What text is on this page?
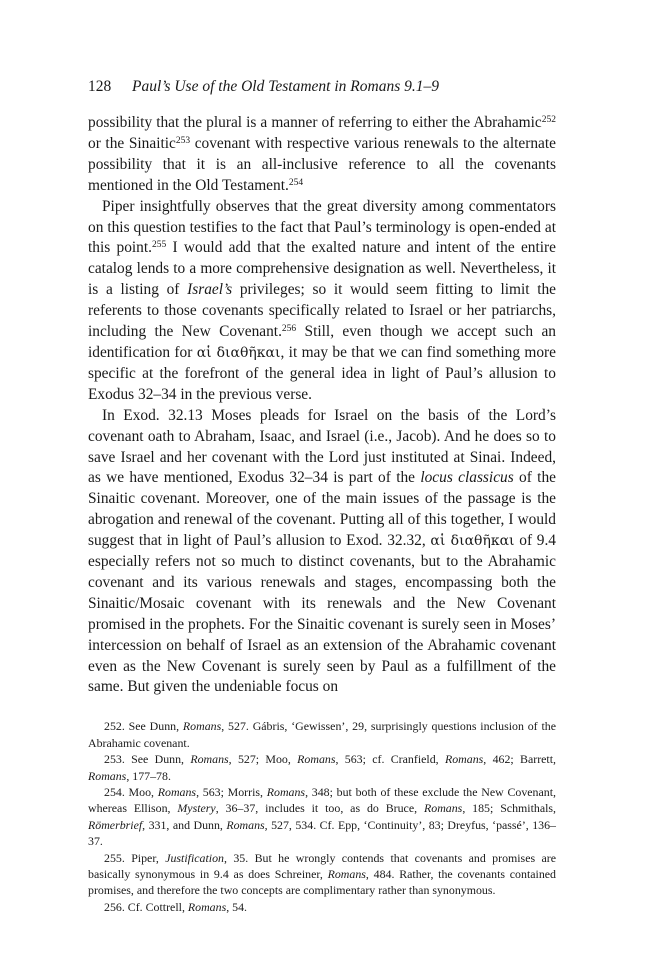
128	Paul’s Use of the Old Testament in Romans 9.1–9

possibility that the plural is a manner of referring to either the Abrahamic$^{252}$ or the Sinaitic$^{253}$ covenant with respective various renewals to the alternate possibility that it is an all-inclusive reference to all the covenants mentioned in the Old Testament.$^{254}$

Piper insightfully observes that the great diversity among commentators on this question testifies to the fact that Paul’s terminology is open-ended at this point.$^{255}$ I would add that the exalted nature and intent of the entire catalog lends to a more comprehensive designation as well. Nevertheless, it is a listing of Israel’s privileges; so it would seem fitting to limit the referents to those covenants specifically related to Israel or her patriarchs, including the New Covenant.$^{256}$ Still, even though we accept such an identification for αἱ διαθῆκαι, it may be that we can find something more specific at the forefront of the general idea in light of Paul’s allusion to Exodus 32–34 in the previous verse.

In Exod. 32.13 Moses pleads for Israel on the basis of the Lord’s covenant oath to Abraham, Isaac, and Israel (i.e., Jacob). And he does so to save Israel and her covenant with the Lord just instituted at Sinai. Indeed, as we have mentioned, Exodus 32–34 is part of the locus classicus of the Sinaitic covenant. Moreover, one of the main issues of the passage is the abrogation and renewal of the covenant. Putting all of this together, I would suggest that in light of Paul’s allusion to Exod. 32.32, αἱ διαθῆκαι of 9.4 especially refers not so much to distinct covenants, but to the Abrahamic covenant and its various renewals and stages, encompassing both the Sinaitic/Mosaic covenant with its renewals and the New Covenant promised in the prophets. For the Sinaitic covenant is surely seen in Moses’ intercession on behalf of Israel as an extension of the Abrahamic covenant even as the New Covenant is surely seen by Paul as a fulfillment of the same. But given the undeniable focus on

252. See Dunn, Romans, 527. Gábris, ‘Gewissen’, 29, surprisingly questions inclusion of the Abrahamic covenant.

253. See Dunn, Romans, 527; Moo, Romans, 563; cf. Cranfield, Romans, 462; Barrett, Romans, 177–78.

254. Moo, Romans, 563; Morris, Romans, 348; but both of these exclude the New Covenant, whereas Ellison, Mystery, 36–37, includes it too, as do Bruce, Romans, 185; Schmithals, Römerbrief, 331, and Dunn, Romans, 527, 534. Cf. Epp, ‘Continuity’, 83; Dreyfus, ‘passé’, 136–37.

255. Piper, Justification, 35. But he wrongly contends that covenants and promises are basically synonymous in 9.4 as does Schreiner, Romans, 484. Rather, the covenants contained promises, and therefore the two concepts are complimentary rather than synonymous.

256. Cf. Cottrell, Romans, 54.
